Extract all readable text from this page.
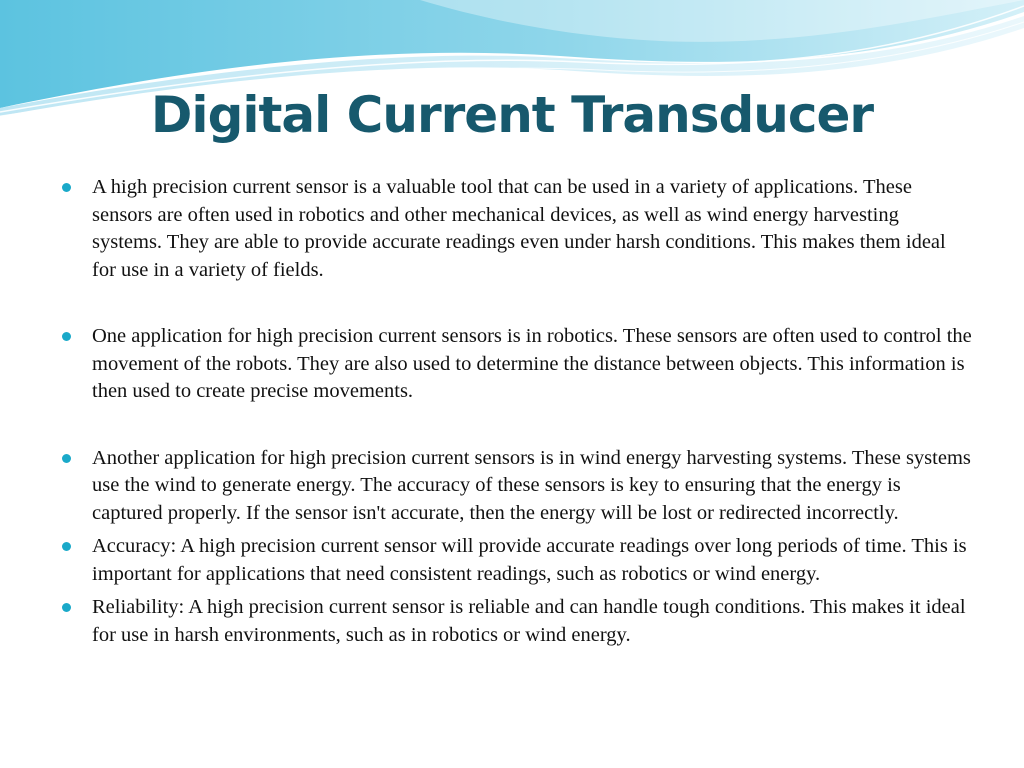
Digital Current Transducer
A high precision current sensor is a valuable tool that can be used in a variety of applications. These sensors are often used in robotics and other mechanical devices, as well as wind energy harvesting systems. They are able to provide accurate readings even under harsh conditions. This makes them ideal for use in a variety of fields.
One application for high precision current sensors is in robotics. These sensors are often used to control the movement of the robots. They are also used to determine the distance between objects. This information is then used to create precise movements.
Another application for high precision current sensors is in wind energy harvesting systems. These systems use the wind to generate energy. The accuracy of these sensors is key to ensuring that the energy is captured properly. If the sensor isn't accurate, then the energy will be lost or redirected incorrectly.
Accuracy: A high precision current sensor will provide accurate readings over long periods of time. This is important for applications that need consistent readings, such as robotics or wind energy.
Reliability: A high precision current sensor is reliable and can handle tough conditions. This makes it ideal for use in harsh environments, such as in robotics or wind energy.
